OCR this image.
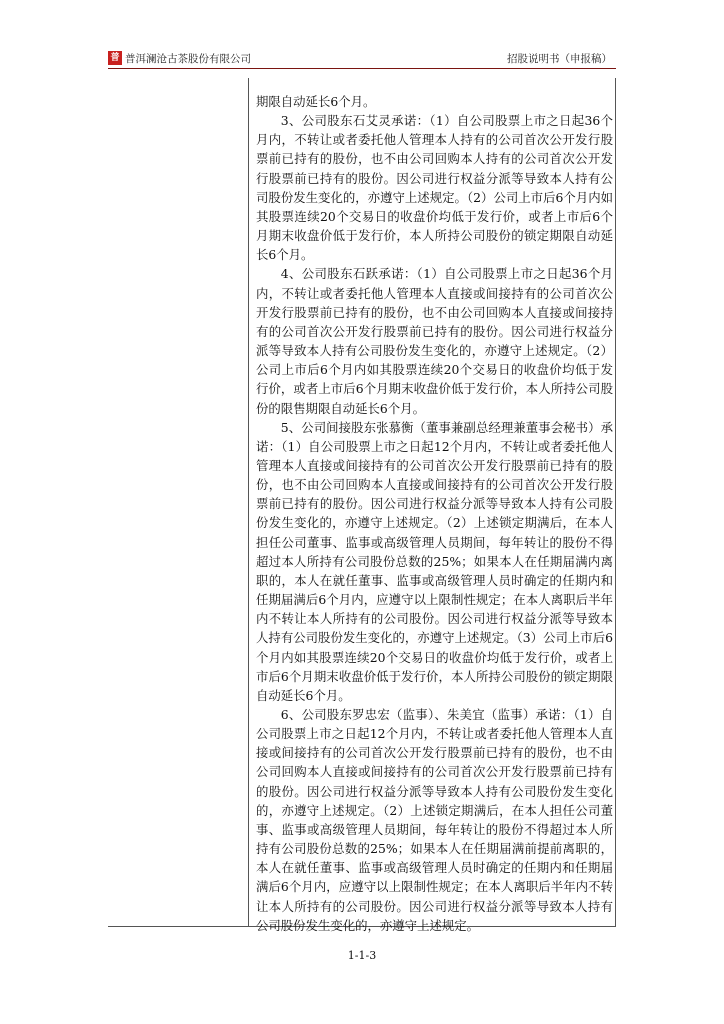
普 普洱澜沧古茶股份有限公司	招股说明书（申报稿）

期限自动延长6个月。

3、公司股东石艾灵承诺：（1）自公司股票上市之日起36个月内，不转让或者委托他人管理本人持有的公司首次公开发行股票前已持有的股份，也不由公司回购本人持有的公司首次公开发行股票前已持有的股份。因公司进行权益分派等导致本人持有公司股份发生变化的，亦遵守上述规定。（2）公司上市后6个月内如其股票连续20个交易日的收盘价均低于发行价，或者上市后6个月期末收盘价低于发行价，本人所持公司股份的锁定期限自动延长6个月。

4、公司股东石跃承诺：（1）自公司股票上市之日起36个月内，不转让或者委托他人管理本人直接或间接持有的公司首次公开发行股票前已持有的股份，也不由公司回购本人直接或间接持有的公司首次公开发行股票前已持有的股份。因公司进行权益分派等导致本人持有公司股份发生变化的，亦遵守上述规定。（2）公司上市后6个月内如其股票连续20个交易日的收盘价均低于发行价，或者上市后6个月期末收盘价低于发行价，本人所持公司股份的限售期限自动延长6个月。

5、公司间接股东张慕衡（董事兼副总经理兼董事会秘书）承诺：（1）自公司股票上市之日起12个月内，不转让或者委托他人管理本人直接或间接持有的公司首次公开发行股票前已持有的股份，也不由公司回购本人直接或间接持有的公司首次公开发行股票前已持有的股份。因公司进行权益分派等导致本人持有公司股份发生变化的，亦遵守上述规定。（2）上述锁定期满后，在本人担任公司董事、监事或高级管理人员期间，每年转让的股份不得超过本人所持有公司股份总数的25%；如果本人在任期届满内离职的，本人在就任董事、监事或高级管理人员时确定的任期内和任期届满后6个月内，应遵守以上限制性规定；在本人离职后半年内不转让本人所持有的公司股份。因公司进行权益分派等导致本人持有公司股份发生变化的，亦遵守上述规定。（3）公司上市后6个月内如其股票连续20个交易日的收盘价均低于发行价，或者上市后6个月期末收盘价低于发行价，本人所持公司股份的锁定期限自动延长6个月。

6、公司股东罗忠宏（监事）、朱美宜（监事）承诺：（1）自公司股票上市之日起12个月内，不转让或者委托他人管理本人直接或间接持有的公司首次公开发行股票前已持有的股份，也不由公司回购本人直接或间接持有的公司首次公开发行股票前已持有的股份。因公司进行权益分派等导致本人持有公司股份发生变化的，亦遵守上述规定。（2）上述锁定期满后，在本人担任公司董事、监事或高级管理人员期间，每年转让的股份不得超过本人所持有公司股份总数的25%；如果本人在任期届满前提前离职的，本人在就任董事、监事或高级管理人员时确定的任期内和任期届满后6个月内，应遵守以上限制性规定；在本人离职后半年内不转让本人所持有的公司股份。因公司进行权益分派等导致本人持有公司股份发生变化的，亦遵守上述规定。

1-1-3
